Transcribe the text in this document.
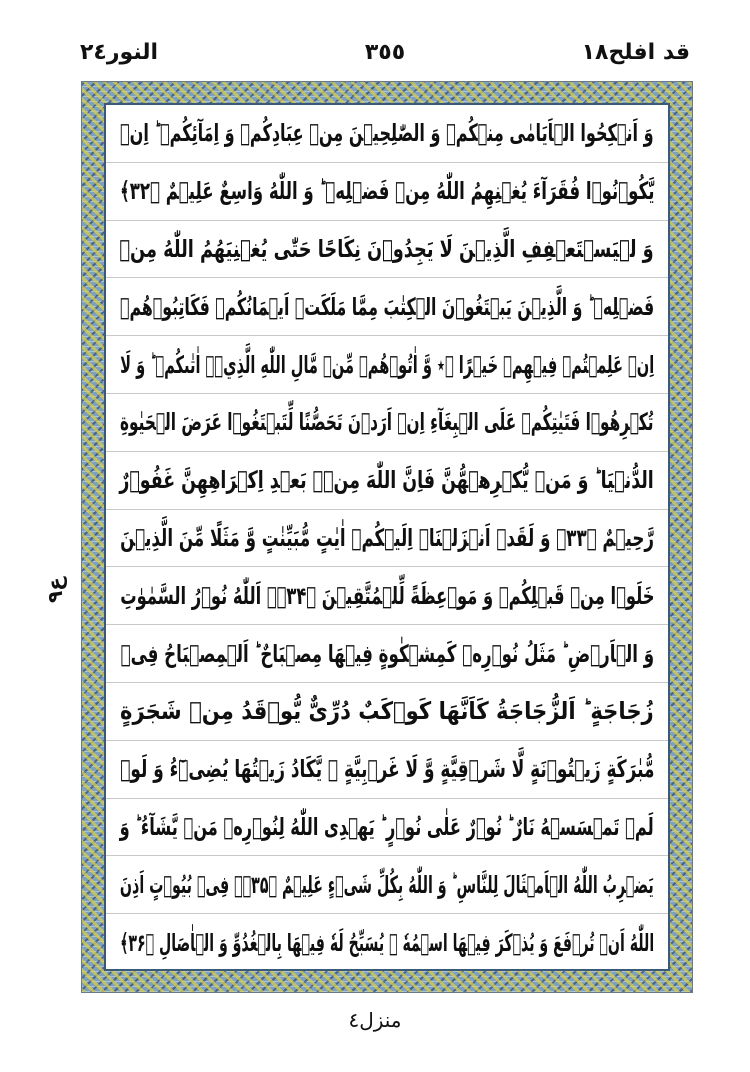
النور٢٤	٣٥٥	قد افلح١٨
وَ اَنۡكِحُوا الۡاَيَامٰى مِنۡكُمۡ وَ الصّٰلِحِيۡنَ مِنۡ عِبَادِكُمۡ وَ اِمَآئِكُمۡ ؕ اِنۡ
يَّكُوۡنُوۡا فُقَرَآءَ يُغۡنِهِمُ اللّٰهُ مِنۡ فَضۡلِهٖ ؕ وَ اللّٰهُ وَاسِعٌ عَلِيۡمٌ ﴿۳۲﴾
وَ لۡيَسۡتَعۡفِفِ الَّذِيۡنَ لَا يَجِدُوۡنَ نِكَاحًا حَتّٰى يُغۡنِيَهُمُ اللّٰهُ مِنۡ
فَضۡلِهٖ ؕ وَ الَّذِيۡنَ يَبۡتَغُوۡنَ الۡكِتٰبَ مِمَّا مَلَكَتۡ اَيۡمَانُكُمۡ فَكَاتِبُوۡهُمۡ
اِنۡ عَلِمۡتُمۡ فِيۡهِمۡ خَيۡرًا ۖ٭ وَّ اٰتُوۡهُمۡ مِّنۡ مَّالِ اللّٰهِ الَّذِيۡۤ اٰتٰىكُمۡ ؕ وَ لَا
تُكۡرِهُوۡا فَتَيٰتِكُمۡ عَلَى الۡبِغَآءِ اِنۡ اَرَدۡنَ تَحَصُّنًا لِّتَبۡتَغُوۡا عَرَضَ الۡحَيٰوةِ
الدُّنۡيَا ؕ وَ مَنۡ يُّكۡرِهۡهُّنَّ فَاِنَّ اللّٰهَ مِنۡۢ بَعۡدِ اِكۡرَاهِهِنَّ غَفُوۡرٌ
رَّحِيۡمٌ ﴿۳۳﴾ وَ لَقَدۡ اَنۡزَلۡنَاۤ اِلَيۡكُمۡ اٰيٰتٍ مُّبَيِّنٰتٍ وَّ مَثَلًا مِّنَ الَّذِيۡنَ
خَلَوۡا مِنۡ قَبۡلِكُمۡ وَ مَوۡعِظَةً لِّلۡمُتَّقِيۡنَ ﴿۳۴﴾ؑ اَللّٰهُ نُوۡرُ السَّمٰوٰتِ
وَ الۡاَرۡضِ ؕ مَثَلُ نُوۡرِهٖ كَمِشۡكٰوةٍ فِيۡهَا مِصۡبَاحٌ ؕ اَلۡمِصۡبَاحُ فِىۡ
زُجَاجَةٍ ؕ اَلزُّجَاجَةُ كَاَنَّهَا كَوۡكَبٌ دُرِّىٌّ يُّوۡقَدُ مِنۡ شَجَرَةٍ
مُّبٰرَكَةٍ زَيۡتُوۡنَةٍ لَّا شَرۡقِيَّةٍ وَّ لَا غَرۡبِيَّةٍ ۙ يَّكَادُ زَيۡتُهَا يُضِىۡٓءُ وَ لَوۡ
لَمۡ تَمۡسَسۡهُ نَارٌ ؕ نُوۡرٌ عَلٰى نُوۡرٍ ؕ يَهۡدِى اللّٰهُ لِنُوۡرِهٖ مَنۡ يَّشَآءُ ؕ وَ
يَضۡرِبُ اللّٰهُ الۡاَمۡثَالَ لِلنَّاسِ ؕ وَ اللّٰهُ بِكُلِّ شَىۡءٍ عَلِيۡمٌ ﴿۳۵﴾ۙ فِىۡ بُيُوۡتٍ اَذِنَ
اللّٰهُ اَنۡ تُرۡفَعَ وَ يُذۡكَرَ فِيۡهَا اسۡمُهٗ ۙ يُسَبِّحُ لَهٗ فِيۡهَا بِالۡغُدُوِّ وَ الۡاٰصَالِ ﴿۳۶﴾
ع٩
منزل٤
